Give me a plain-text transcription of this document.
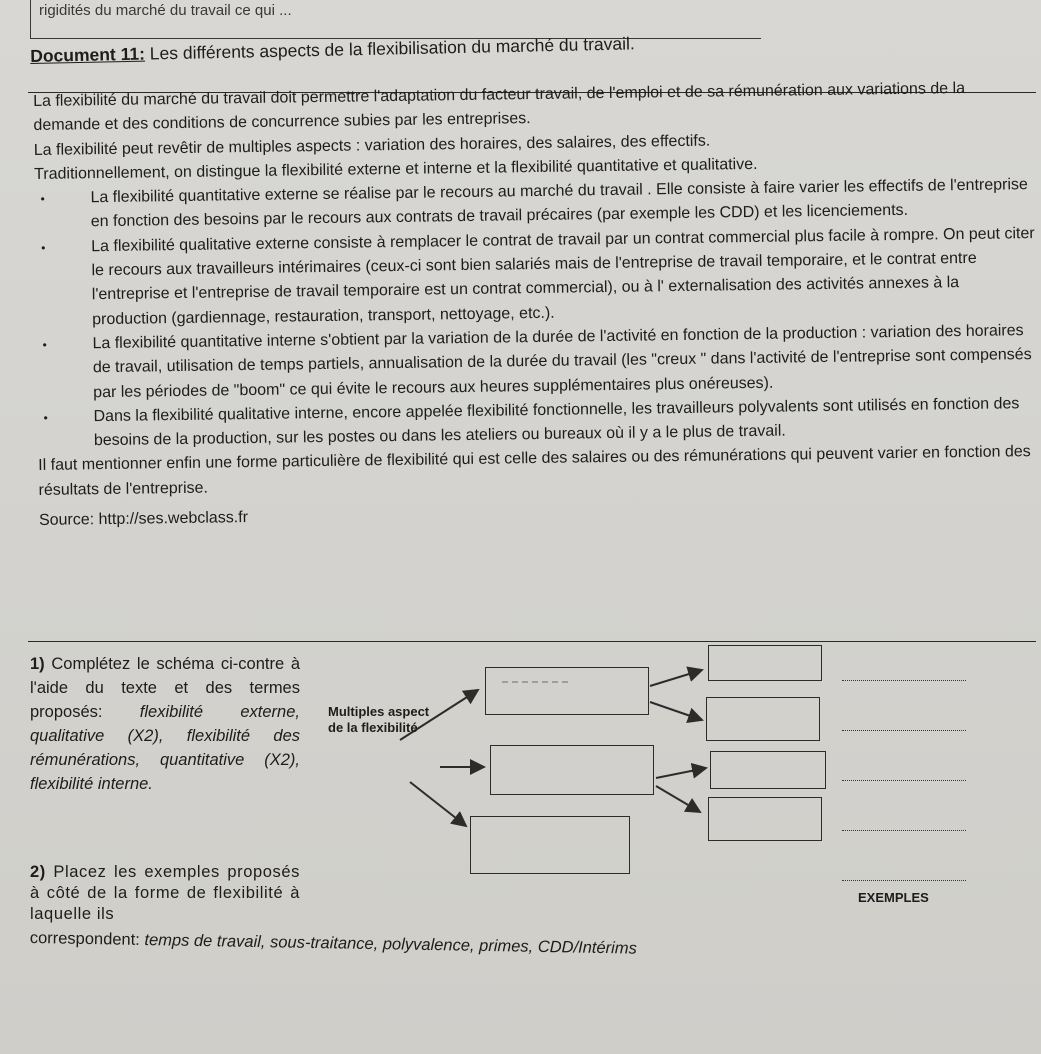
rigidités du marché du travail ce qui ...
Document 11: Les différents aspects de la flexibilisation du marché du travail.

La flexibilité du marché du travail doit permettre l'adaptation du facteur travail, de l'emploi et de sa rémunération aux variations de la demande et des conditions de concurrence subies par les entreprises.

La flexibilité peut revêtir de multiples aspects : variation des horaires, des salaires, des effectifs.

Traditionnellement, on distingue la flexibilité externe et interne et la flexibilité quantitative et qualitative.

•	La flexibilité quantitative externe se réalise par le recours au marché du travail . Elle consiste à faire varier les effectifs de l'entreprise en fonction des besoins par le recours aux contrats de travail précaires (par exemple les CDD) et les licenciements.

•	La flexibilité qualitative externe consiste à remplacer le contrat de travail par un contrat commercial plus facile à rompre. On peut citer le recours aux travailleurs intérimaires (ceux-ci sont bien salariés mais de l'entreprise de travail temporaire, et le contrat entre l'entreprise et l'entreprise de travail temporaire est un contrat commercial), ou à l' externalisation des activités annexes à la production (gardiennage, restauration, transport, nettoyage, etc.).

•	La flexibilité quantitative interne s'obtient par la variation de la durée de l'activité en fonction de la production : variation des horaires de travail, utilisation de temps partiels, annualisation de la durée du travail (les "creux " dans l'activité de l'entreprise sont compensés par les périodes de "boom" ce qui évite le recours aux heures supplémentaires plus onéreuses).

•	Dans la flexibilité qualitative interne, encore appelée flexibilité fonctionnelle, les travailleurs polyvalents sont utilisés en fonction des besoins de la production, sur les postes ou dans les ateliers ou bureaux où il y a le plus de travail.

Il faut mentionner enfin une forme particulière de flexibilité qui est celle des salaires ou des rémunérations qui peuvent varier en fonction des résultats de l'entreprise.

Source: http://ses.webclass.fr

1) Complétez le schéma ci-contre à l'aide du texte et des termes proposés: flexibilité externe, qualitative (X2), flexibilité des rémunérations, quantitative (X2), flexibilité interne.
2) Placez les exemples proposés à côté de la forme de flexibilité à laquelle ils
correspondent: temps de travail, sous-traitance, polyvalence, primes, CDD/Intérims
Multiples aspect de la flexibilité
EXEMPLES
